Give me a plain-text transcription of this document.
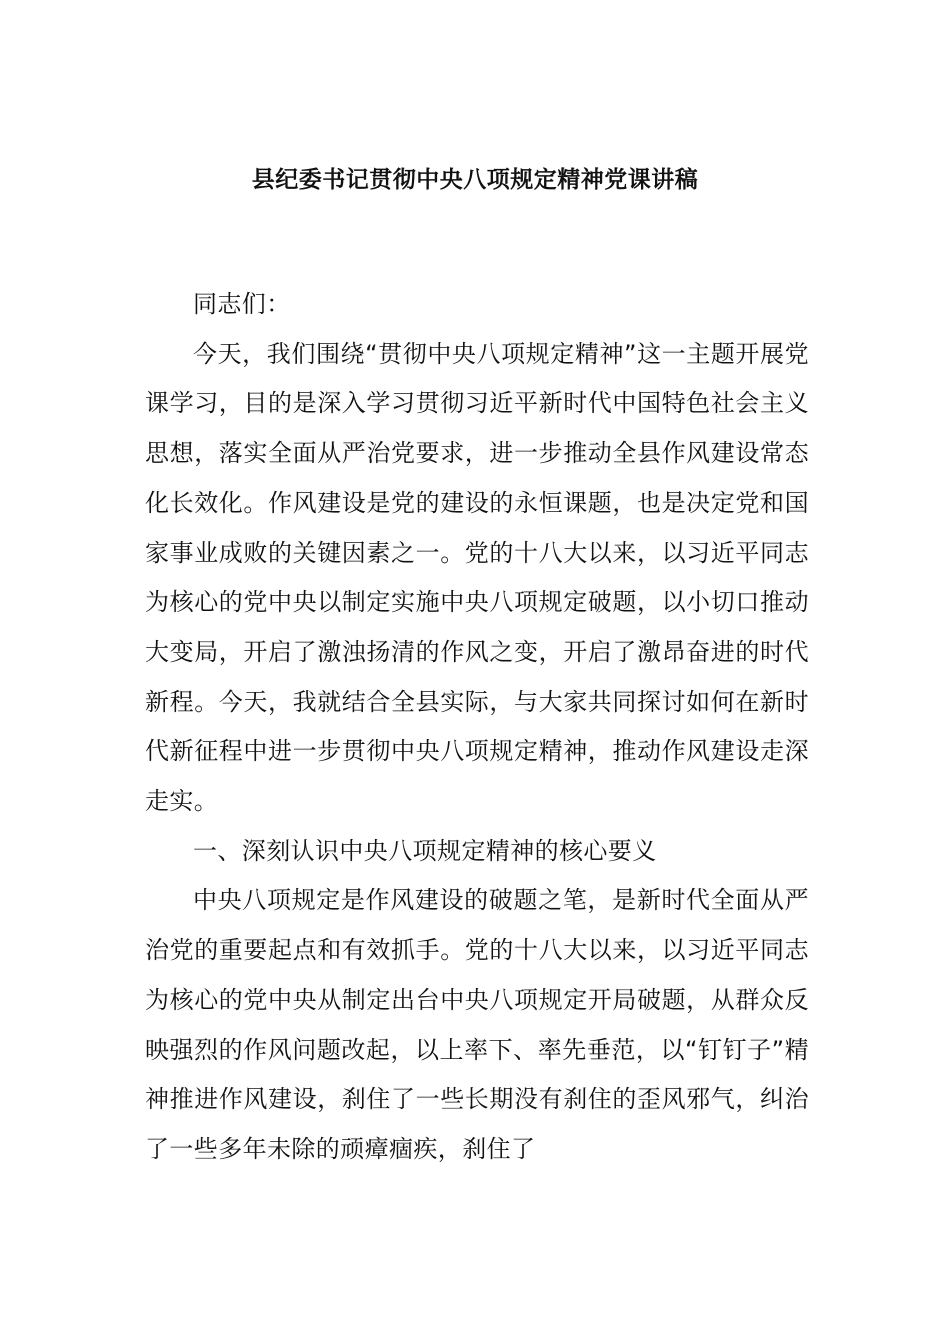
县纪委书记贯彻中央八项规定精神党课讲稿

同志们：

今天，我们围绕“贯彻中央八项规定精神”这一主题开展党课学习，目的是深入学习贯彻习近平新时代中国特色社会主义思想，落实全面从严治党要求，进一步推动全县作风建设常态化长效化。作风建设是党的建设的永恒课题，也是决定党和国家事业成败的关键因素之一。党的十八大以来，以习近平同志为核心的党中央以制定实施中央八项规定破题，以小切口推动大变局，开启了激浊扬清的作风之变，开启了激昂奋进的时代新程。今天，我就结合全县实际，与大家共同探讨如何在新时代新征程中进一步贯彻中央八项规定精神，推动作风建设走深走实。

一、深刻认识中央八项规定精神的核心要义

中央八项规定是作风建设的破题之笔，是新时代全面从严治党的重要起点和有效抓手。党的十八大以来，以习近平同志为核心的党中央从制定出台中央八项规定开局破题，从群众反映强烈的作风问题改起，以上率下、率先垂范，以“钉钉子”精神推进作风建设，刹住了一些长期没有刹住的歪风邪气，纠治了一些多年未除的顽瘴痼疾，刹住了
